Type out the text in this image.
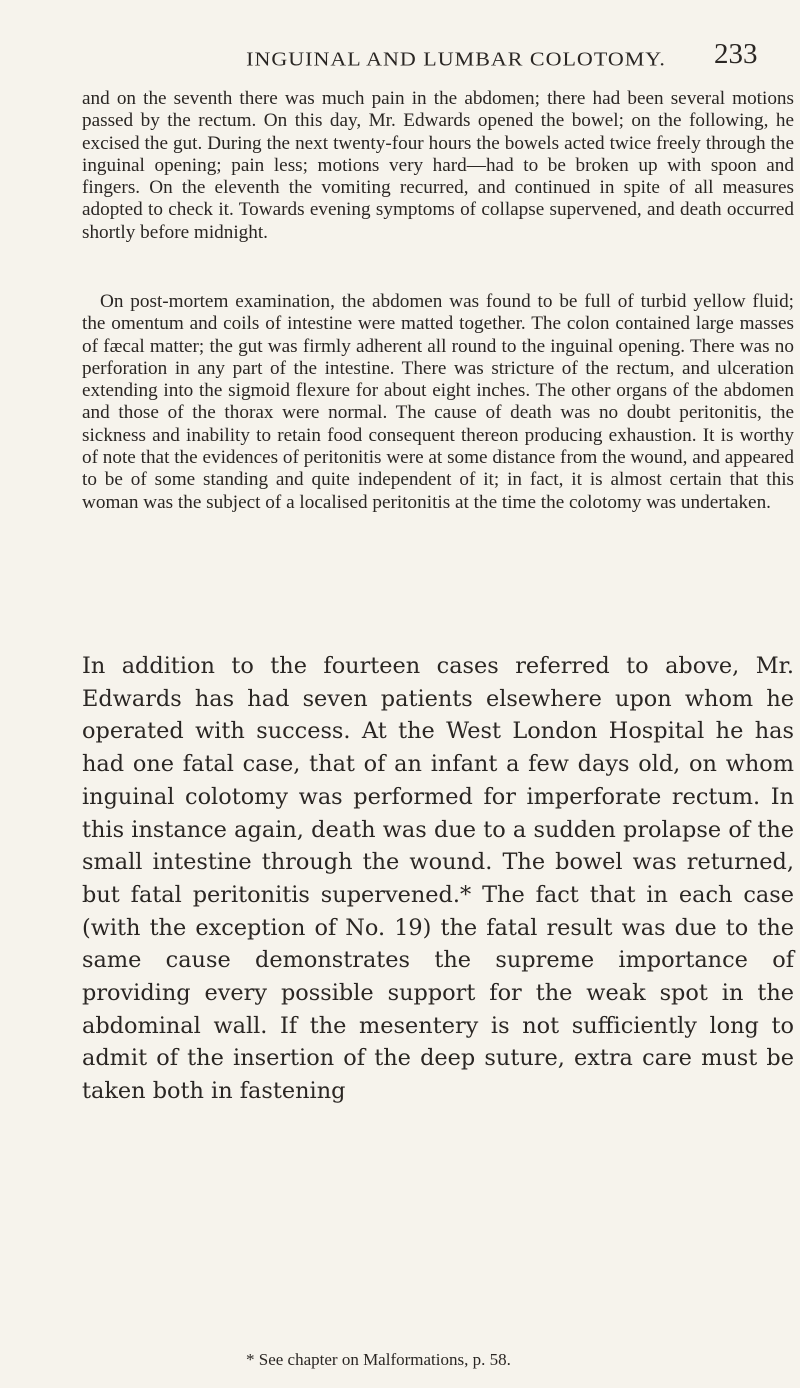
INGUINAL AND LUMBAR COLOTOMY.	233

and on the seventh there was much pain in the abdomen; there had been several motions passed by the rectum. On this day, Mr. Edwards opened the bowel; on the following, he excised the gut. During the next twenty-four hours the bowels acted twice freely through the inguinal opening; pain less; motions very hard—had to be broken up with spoon and fingers. On the eleventh the vomiting recurred, and continued in spite of all measures adopted to check it. Towards evening symptoms of collapse supervened, and death occurred shortly before midnight.

On post-mortem examination, the abdomen was found to be full of turbid yellow fluid; the omentum and coils of intestine were matted together. The colon contained large masses of fæcal matter; the gut was firmly adherent all round to the inguinal opening. There was no perforation in any part of the intestine. There was stricture of the rectum, and ulceration extending into the sigmoid flexure for about eight inches. The other organs of the abdomen and those of the thorax were normal. The cause of death was no doubt peritonitis, the sickness and inability to retain food consequent thereon producing exhaustion. It is worthy of note that the evidences of peritonitis were at some distance from the wound, and appeared to be of some standing and quite independent of it; in fact, it is almost certain that this woman was the subject of a localised peritonitis at the time the colotomy was undertaken.

In addition to the fourteen cases referred to above, Mr. Edwards has had seven patients elsewhere upon whom he operated with success. At the West London Hospital he has had one fatal case, that of an infant a few days old, on whom inguinal colotomy was performed for imperforate rectum. In this instance again, death was due to a sudden prolapse of the small intestine through the wound. The bowel was returned, but fatal peritonitis supervened.* The fact that in each case (with the exception of No. 19) the fatal result was due to the same cause demonstrates the supreme importance of providing every possible support for the weak spot in the abdominal wall. If the mesentery is not sufficiently long to admit of the insertion of the deep suture, extra care must be taken both in fastening

* See chapter on Malformations, p. 58.
